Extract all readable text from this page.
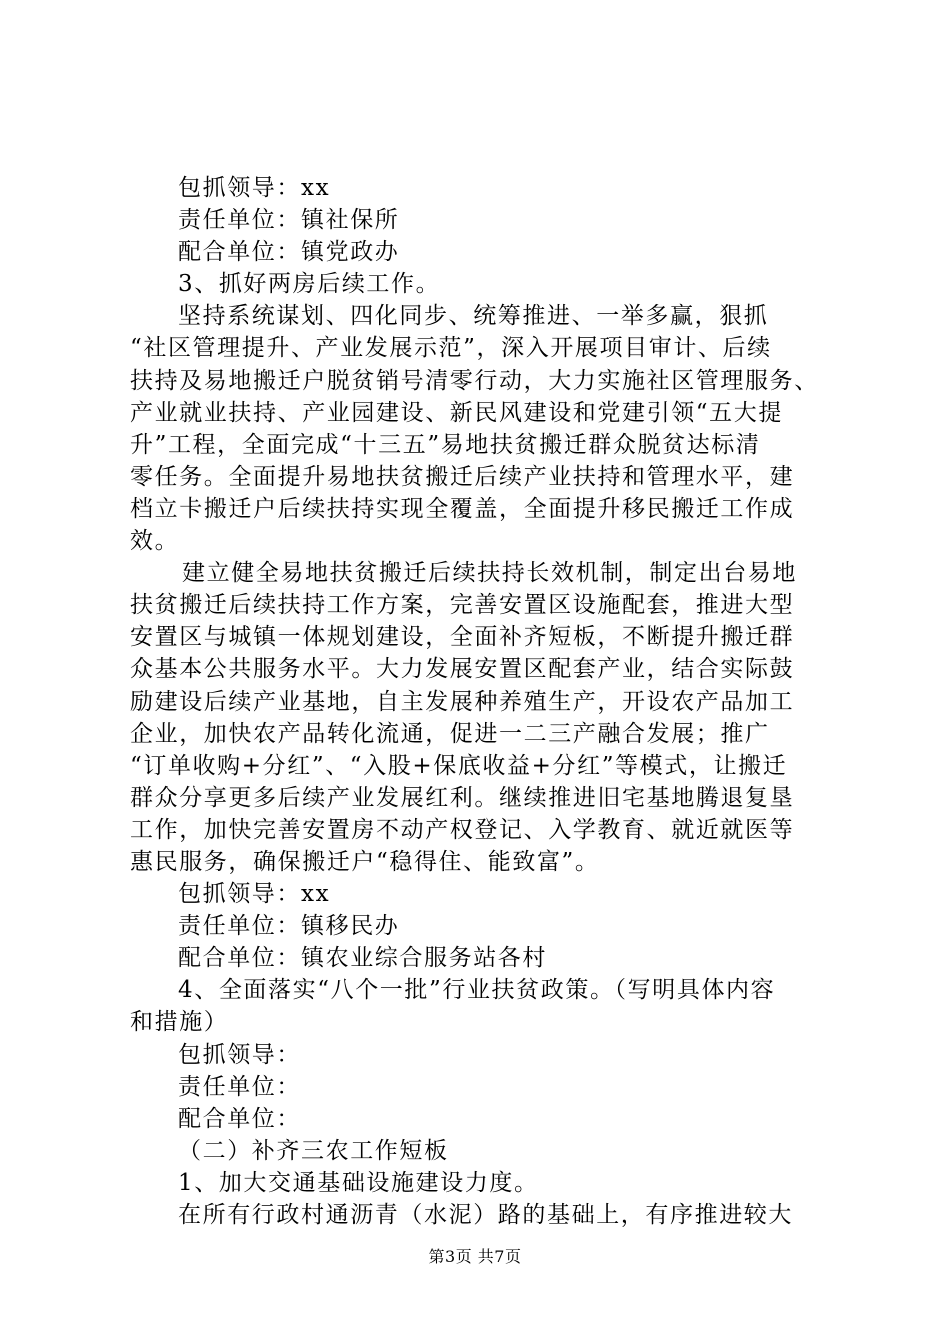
包抓领导：xx

责任单位：镇社保所

配合单位：镇党政办

3、抓好两房后续工作。

坚持系统谋划、四化同步、统筹推进、一举多赢，狠抓

“社区管理提升、产业发展示范”，深入开展项目审计、后续

扶持及易地搬迁户脱贫销号清零行动，大力实施社区管理服务、

产业就业扶持、产业园建设、新民风建设和党建引领“五大提

升”工程，全面完成“十三五”易地扶贫搬迁群众脱贫达标清

零任务。全面提升易地扶贫搬迁后续产业扶持和管理水平，建

档立卡搬迁户后续扶持实现全覆盖，全面提升移民搬迁工作成

效。

建立健全易地扶贫搬迁后续扶持长效机制，制定出台易地

扶贫搬迁后续扶持工作方案，完善安置区设施配套，推进大型

安置区与城镇一体规划建设，全面补齐短板，不断提升搬迁群

众基本公共服务水平。大力发展安置区配套产业，结合实际鼓

励建设后续产业基地，自主发展种养殖生产，开设农产品加工

企业，加快农产品转化流通，促进一二三产融合发展；推广

“订单收购+分红”、“入股+保底收益+分红”等模式，让搬迁

群众分享更多后续产业发展红利。继续推进旧宅基地腾退复垦

工作，加快完善安置房不动产权登记、入学教育、就近就医等

惠民服务，确保搬迁户“稳得住、能致富”。

包抓领导：xx

责任单位：镇移民办

配合单位：镇农业综合服务站各村

4、全面落实“八个一批”行业扶贫政策。（写明具体内容

和措施）

包抓领导：

责任单位：

配合单位：

（二）补齐三农工作短板

1、加大交通基础设施建设力度。

在所有行政村通沥青（水泥）路的基础上，有序推进较大

第3页 共7页
